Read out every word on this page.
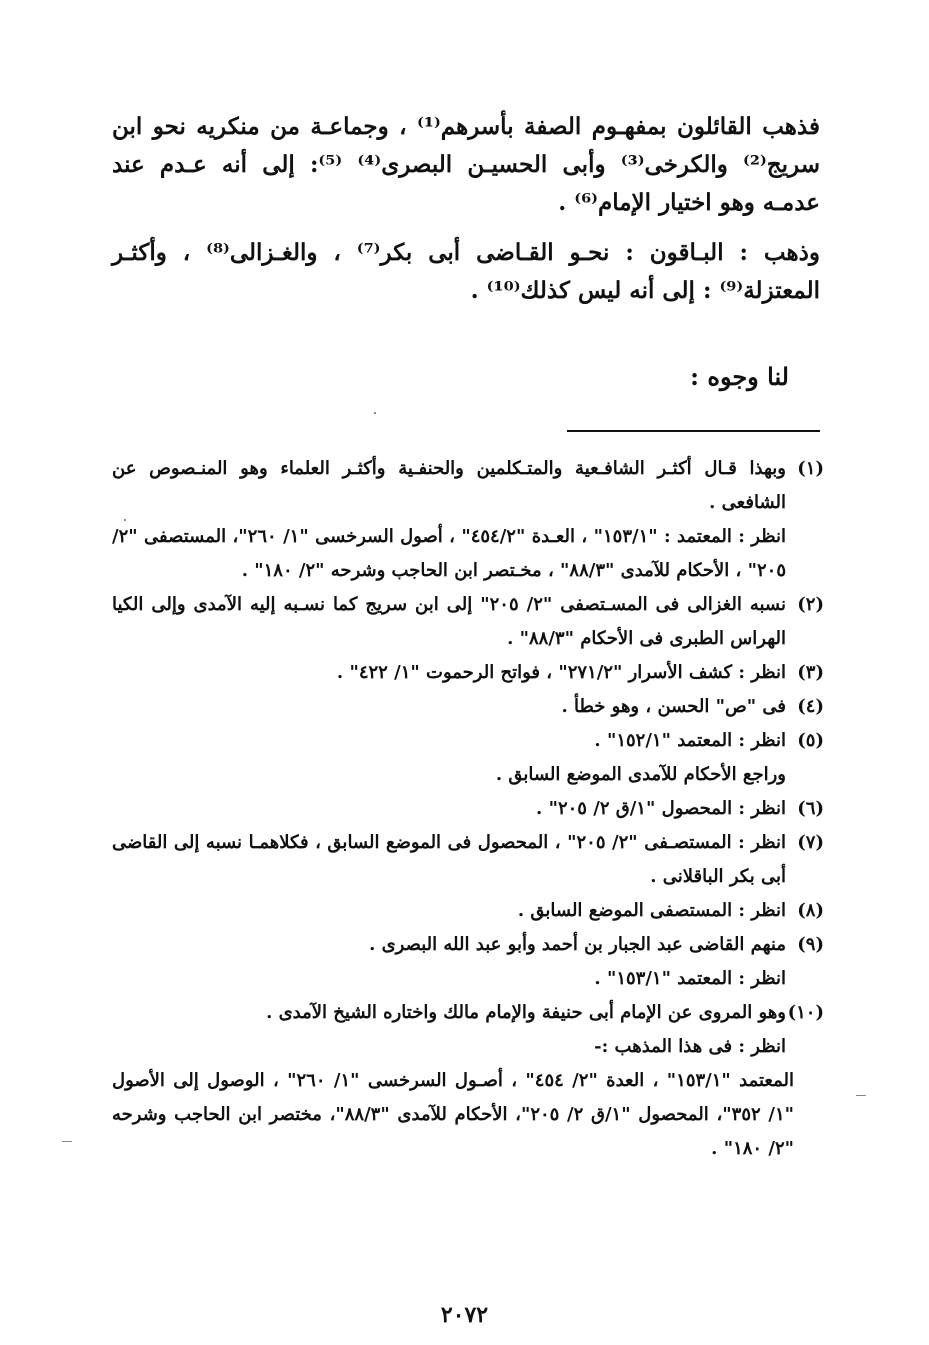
فذهب القائلون بمفهـوم الصفة بأسرهم⁽¹⁾ ، وجماعـة من منكريه نحو ابن سريج⁽²⁾ والكرخى⁽³⁾ وأبى الحسيـن البصرى⁽⁴⁾ ⁽⁵⁾: إلى أنه عـدم عند عدمـه وهو اختيار الإمام⁽⁶⁾ .

وذهب : البـاقون : نحـو القـاضى أبى بكر⁽⁷⁾ ، والغـزالى⁽⁸⁾ ، وأكثـر المعتزلة⁽⁹⁾ : إلى أنه ليس كذلك⁽¹⁰⁾ .

لنا وجوه :
(١)
وبهذا قـال أكثـر الشافـعية والمتـكلمين والحنفـية وأكثـر العلماء وهو المنـصوص عن الشافعى .
انظر : المعتمد : "١٥٣/١" ، العـدة "٤٥٤/٢" ، أصول السرخسى "١/ ٢٦٠"، المستصفى "٢/ ٢٠٥" ، الأحكام للآمدى "٨٨/٣" ، مخـتصر ابن الحاجب وشرحه "٢/ ١٨٠" .
(٢)
نسبه الغزالى فى المسـتصفى "٢/ ٢٠٥" إلى ابن سريج كما نسـبه إليه الآمدى وإلى الكيا الهراس الطبرى فى الأحكام "٨٨/٣" .
(٣)
انظر : كشف الأسرار "٢٧١/٢" ، فواتح الرحموت "١/ ٤٢٢" .
(٤)
فى "ص" الحسن ، وهو خطأ .
(٥)
انظر : المعتمد "١٥٢/١" .
وراجع الأحكام للآمدى الموضع السابق .
(٦)
انظر : المحصول "١/ق ٢/ ٢٠٥" .
(٧)
انظر : المستصـفى "٢/ ٢٠٥" ، المحصول فى الموضع السابق ، فكلاهمـا نسبه إلى القاضى أبى بكر الباقلانى .
(٨)
انظر : المستصفى الموضع السابق .
(٩)
منهم القاضى عبد الجبار بن أحمد وأبو عبد الله البصرى .
انظر : المعتمد "١٥٣/١" .
(١٠)
وهو المروى عن الإمام أبى حنيفة والإمام مالك واختاره الشيخ الآمدى .
انظر : فى هذا المذهب :-
المعتمد "١٥٣/١" ، العدة "٢/ ٤٥٤" ، أصـول السرخسى "١/ ٢٦٠" ، الوصول إلى الأصول "١/ ٣٥٢"، المحصول "١/ق ٢/ ٢٠٥"، الأحكام للآمدى "٨٨/٣"، مختصر ابن الحاجب وشرحه "٢/ ١٨٠" .
٢٠٧٢
